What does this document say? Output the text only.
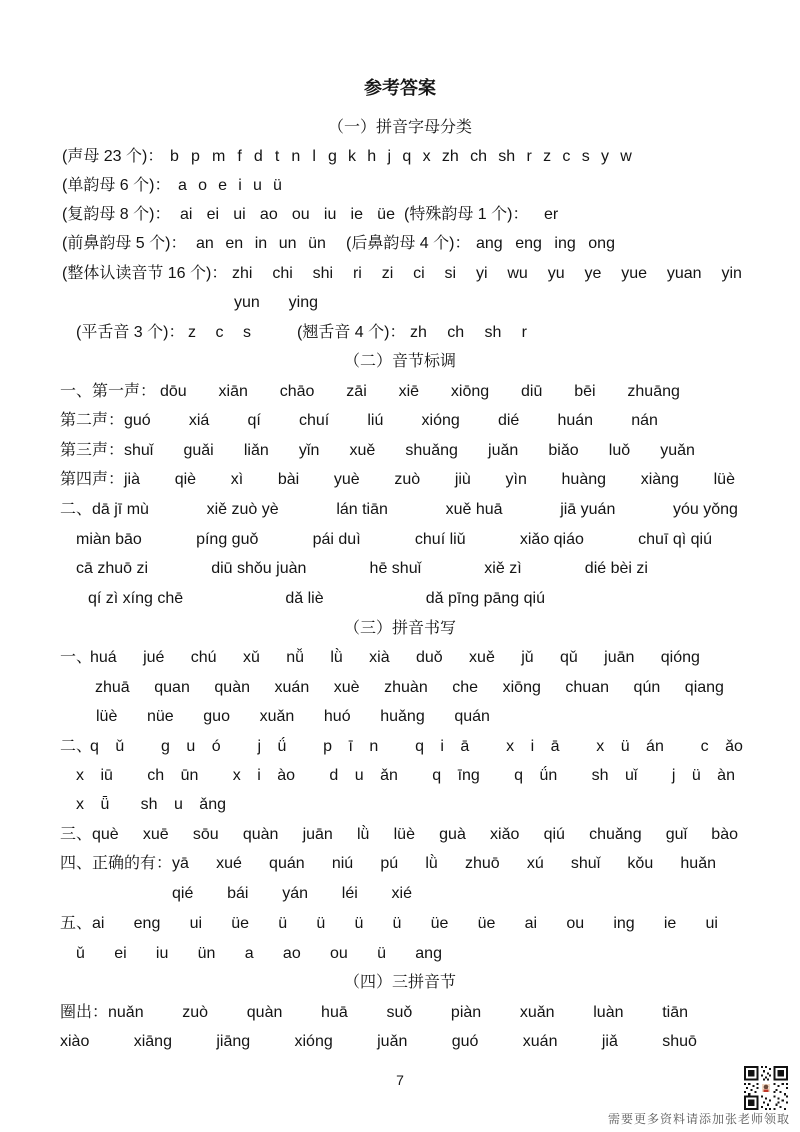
参考答案
（一）拼音字母分类
(声母 23 个)： b p m f d t n l g k h j q x zh ch sh r z c s y w
(单韵母 6 个)： a o e i u ü
(复韵母 8 个)： ai ei ui ao ou iu ie üe (特殊韵母 1 个)： er
(前鼻韵母 5 个)： an en in un ün (后鼻韵母 4 个)： ang eng ing ong
(整体认读音节 16 个)： zhi chi shi ri zi ci si yi wu yu ye yue yuan yin
yun ying
(平舌音 3 个)： z c s	(翘舌音 4 个)： zh ch sh r
（二）音节标调
一、第一声： dōu xiān chāo zāi xiē xiōng diū bēi zhuāng
第二声： guó xiá qí chuí liú xióng dié huán nán
第三声： shuǐ guǎi liǎn yǐn xuě shuǎng juǎn biǎo luǒ yuǎn
第四声： jià qiè xì bài yuè zuò jiù yìn huàng xiàng lüè
二、 dā jī mù	xiě zuò yè	lán tiān	xuě huā	jiā yuán	yóu yǒng
miàn bāo	píng guǒ	pái duì	chuí liǔ	xiǎo qiáo	chuī qì qiú
cā zhuō zi	diū shǒu juàn	hē shuǐ	xiě zì	dié bèi zi
qí zì xíng chē	dǎ liè	dǎ pīng pāng qiú
（三）拼音书写
一、
huá jué chú xǔ nǚ lǜ xià duǒ xuě jǔ qǔ juān qióng
zhuā quan quàn xuán xuè zhuàn che xiōng chuan qún qiang
lüè nüe guo xuǎn huó huǎng quán
二、
q ǔ g u ó j ǘ p ī n q i ā x i ā x ü án c ǎo
x iū ch ūn x i ào d u ǎn q īng q ǘn sh uǐ j ü àn
x ǖ sh u ǎng
三、 què xuē sōu quàn juān lǜ lüè guà xiǎo qiú chuǎng guǐ bào
四、正确的有： yā xué quán niú pú lǜ zhuō xú shuǐ kǒu huǎn
qié bái yán léi xié
五、 ai eng ui üe ü ü ü ü üe üe ai ou ing ie ui
ǔ ei iu ün a ao ou ü ang
（四）三拼音节
圈出： nuǎn zuò quàn huā suǒ piàn xuǎn luàn tiān
xiào	xiāng	jiāng	xióng	juǎn	guó	xuán	jiǎ	shuō
7
需要更多资料请添加张老师领取
